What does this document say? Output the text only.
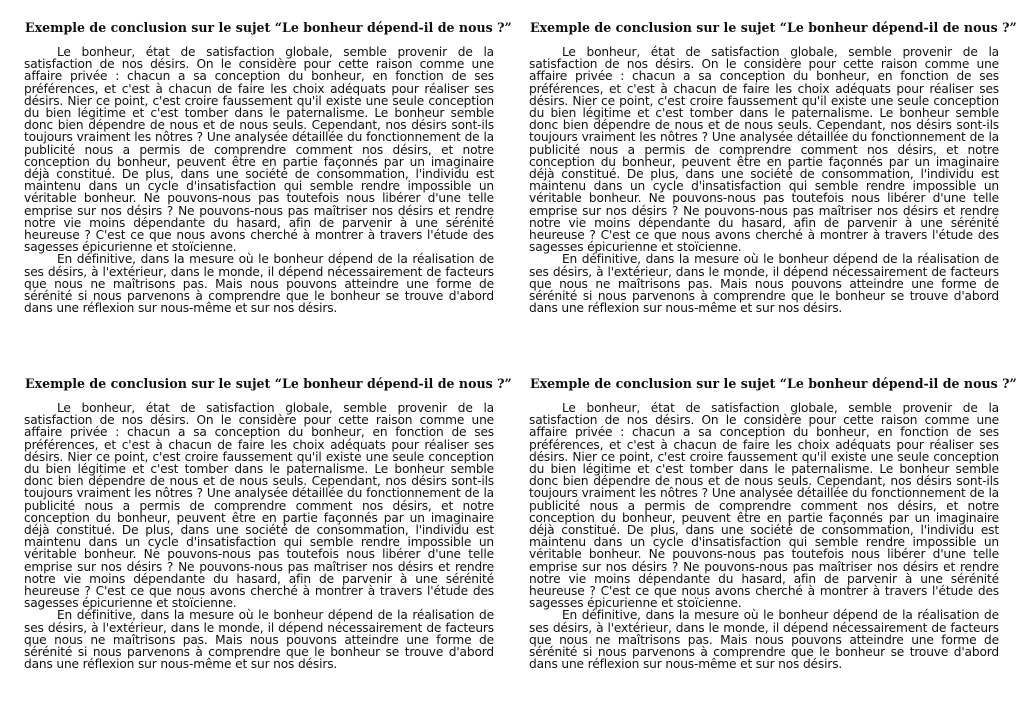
Exemple de conclusion sur le sujet “Le bonheur dépend-il de nous ?”

Le bonheur, état de satisfaction globale, semble provenir de la satisfaction de nos désirs. On le considère pour cette raison comme une affaire privée : chacun a sa conception du bonheur, en fonction de ses préférences, et c'est à chacun de faire les choix adéquats pour réaliser ses désirs. Nier ce point, c'est croire faussement qu'il existe une seule conception du bien légitime et c'est tomber dans le paternalisme. Le bonheur semble donc bien dépendre de nous et de nous seuls. Cependant, nos désirs sont-ils toujours vraiment les nôtres ? Une analysée détaillée du fonctionnement de la publicité nous a permis de comprendre comment nos désirs, et notre conception du bonheur, peuvent être en partie façonnés par un imaginaire déjà constitué. De plus, dans une société de consommation, l'individu est maintenu dans un cycle d'insatisfaction qui semble rendre impossible un véritable bonheur. Ne pouvons-nous pas toutefois nous libérer d'une telle emprise sur nos désirs ? Ne pouvons-nous pas maîtriser nos désirs et rendre notre vie moins dépendante du hasard, afin de parvenir à une sérénité heureuse ? C'est ce que nous avons cherché à montrer à travers l'étude des sagesses épicurienne et stoïcienne.

En définitive, dans la mesure où le bonheur dépend de la réalisation de ses désirs, à l'extérieur, dans le monde, il dépend nécessairement de facteurs que nous ne maîtrisons pas. Mais nous pouvons atteindre une forme de sérénité si nous parvenons à comprendre que le bonheur se trouve d'abord dans une réflexion sur nous-même et sur nos désirs.

Exemple de conclusion sur le sujet “Le bonheur dépend-il de nous ?”

Le bonheur, état de satisfaction globale, semble provenir de la satisfaction de nos désirs. On le considère pour cette raison comme une affaire privée : chacun a sa conception du bonheur, en fonction de ses préférences, et c'est à chacun de faire les choix adéquats pour réaliser ses désirs. Nier ce point, c'est croire faussement qu'il existe une seule conception du bien légitime et c'est tomber dans le paternalisme. Le bonheur semble donc bien dépendre de nous et de nous seuls. Cependant, nos désirs sont-ils toujours vraiment les nôtres ? Une analysée détaillée du fonctionnement de la publicité nous a permis de comprendre comment nos désirs, et notre conception du bonheur, peuvent être en partie façonnés par un imaginaire déjà constitué. De plus, dans une société de consommation, l'individu est maintenu dans un cycle d'insatisfaction qui semble rendre impossible un véritable bonheur. Ne pouvons-nous pas toutefois nous libérer d'une telle emprise sur nos désirs ? Ne pouvons-nous pas maîtriser nos désirs et rendre notre vie moins dépendante du hasard, afin de parvenir à une sérénité heureuse ? C'est ce que nous avons cherché à montrer à travers l'étude des sagesses épicurienne et stoïcienne.

En définitive, dans la mesure où le bonheur dépend de la réalisation de ses désirs, à l'extérieur, dans le monde, il dépend nécessairement de facteurs que nous ne maîtrisons pas. Mais nous pouvons atteindre une forme de sérénité si nous parvenons à comprendre que le bonheur se trouve d'abord dans une réflexion sur nous-même et sur nos désirs.

Exemple de conclusion sur le sujet “Le bonheur dépend-il de nous ?”

Le bonheur, état de satisfaction globale, semble provenir de la satisfaction de nos désirs. On le considère pour cette raison comme une affaire privée : chacun a sa conception du bonheur, en fonction de ses préférences, et c'est à chacun de faire les choix adéquats pour réaliser ses désirs. Nier ce point, c'est croire faussement qu'il existe une seule conception du bien légitime et c'est tomber dans le paternalisme. Le bonheur semble donc bien dépendre de nous et de nous seuls. Cependant, nos désirs sont-ils toujours vraiment les nôtres ? Une analysée détaillée du fonctionnement de la publicité nous a permis de comprendre comment nos désirs, et notre conception du bonheur, peuvent être en partie façonnés par un imaginaire déjà constitué. De plus, dans une société de consommation, l'individu est maintenu dans un cycle d'insatisfaction qui semble rendre impossible un véritable bonheur. Ne pouvons-nous pas toutefois nous libérer d'une telle emprise sur nos désirs ? Ne pouvons-nous pas maîtriser nos désirs et rendre notre vie moins dépendante du hasard, afin de parvenir à une sérénité heureuse ? C'est ce que nous avons cherché à montrer à travers l'étude des sagesses épicurienne et stoïcienne.

En définitive, dans la mesure où le bonheur dépend de la réalisation de ses désirs, à l'extérieur, dans le monde, il dépend nécessairement de facteurs que nous ne maîtrisons pas. Mais nous pouvons atteindre une forme de sérénité si nous parvenons à comprendre que le bonheur se trouve d'abord dans une réflexion sur nous-même et sur nos désirs.

Exemple de conclusion sur le sujet “Le bonheur dépend-il de nous ?”

Le bonheur, état de satisfaction globale, semble provenir de la satisfaction de nos désirs. On le considère pour cette raison comme une affaire privée : chacun a sa conception du bonheur, en fonction de ses préférences, et c'est à chacun de faire les choix adéquats pour réaliser ses désirs. Nier ce point, c'est croire faussement qu'il existe une seule conception du bien légitime et c'est tomber dans le paternalisme. Le bonheur semble donc bien dépendre de nous et de nous seuls. Cependant, nos désirs sont-ils toujours vraiment les nôtres ? Une analysée détaillée du fonctionnement de la publicité nous a permis de comprendre comment nos désirs, et notre conception du bonheur, peuvent être en partie façonnés par un imaginaire déjà constitué. De plus, dans une société de consommation, l'individu est maintenu dans un cycle d'insatisfaction qui semble rendre impossible un véritable bonheur. Ne pouvons-nous pas toutefois nous libérer d'une telle emprise sur nos désirs ? Ne pouvons-nous pas maîtriser nos désirs et rendre notre vie moins dépendante du hasard, afin de parvenir à une sérénité heureuse ? C'est ce que nous avons cherché à montrer à travers l'étude des sagesses épicurienne et stoïcienne.

En définitive, dans la mesure où le bonheur dépend de la réalisation de ses désirs, à l'extérieur, dans le monde, il dépend nécessairement de facteurs que nous ne maîtrisons pas. Mais nous pouvons atteindre une forme de sérénité si nous parvenons à comprendre que le bonheur se trouve d'abord dans une réflexion sur nous-même et sur nos désirs.
